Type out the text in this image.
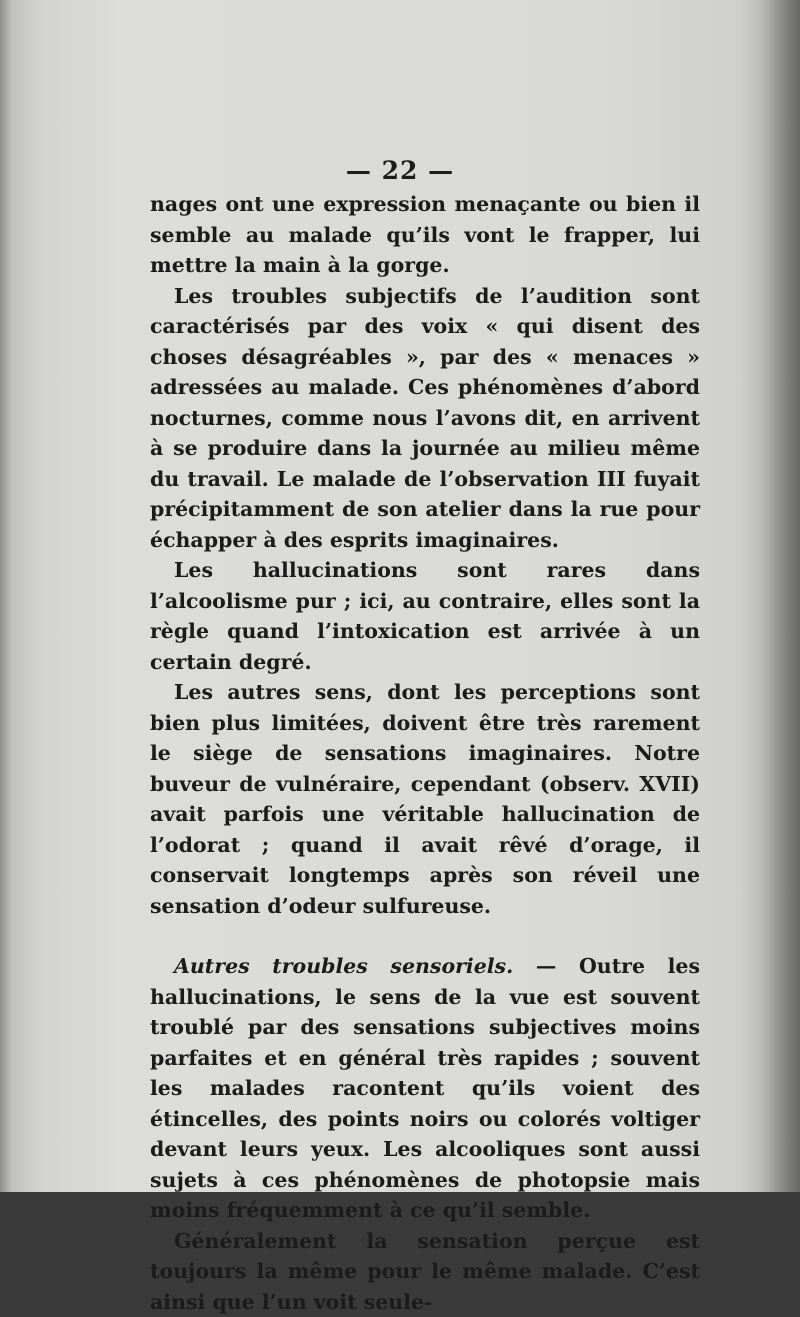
— 22 —

nages ont une expression menaçante ou bien il semble au malade qu’ils vont le frapper, lui mettre la main à la gorge.

Les troubles subjectifs de l’audition sont caractérisés par des voix « qui disent des choses désagréables », par des « menaces » adressées au malade. Ces phénomènes d’abord nocturnes, comme nous l’avons dit, en arrivent à se produire dans la journée au milieu même du travail. Le malade de l’observation III fuyait précipitamment de son atelier dans la rue pour échapper à des esprits imaginaires.

Les hallucinations sont rares dans l’alcoolisme pur ; ici, au contraire, elles sont la règle quand l’intoxication est arrivée à un certain degré.

Les autres sens, dont les perceptions sont bien plus limitées, doivent être très rarement le siège de sensations imaginaires. Notre buveur de vulnéraire, cependant (observ. XVII) avait parfois une véritable hallucination de l’odorat ; quand il avait rêvé d’orage, il conservait longtemps après son réveil une sensation d’odeur sulfureuse.

Autres troubles sensoriels. — Outre les hallucinations, le sens de la vue est souvent troublé par des sensations subjectives moins parfaites et en général très rapides ; souvent les malades racontent qu’ils voient des étincelles, des points noirs ou colorés voltiger devant leurs yeux. Les alcooliques sont aussi sujets à ces phénomènes de photopsie mais moins fréquemment à ce qu’il semble.

Généralement la sensation perçue est toujours la même pour le même malade. C’est ainsi que l’un voit seule-
